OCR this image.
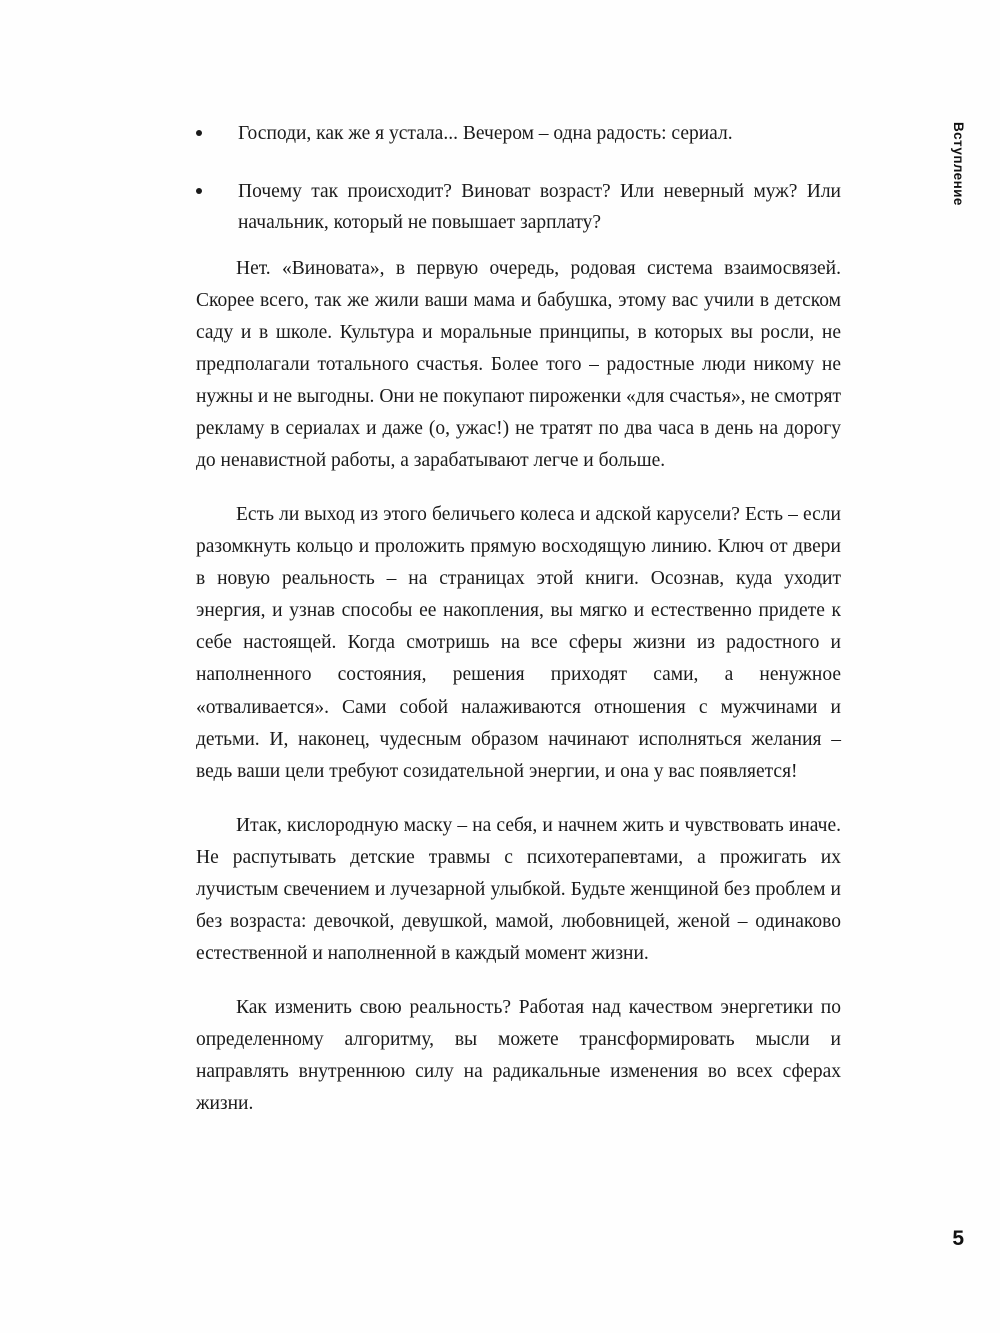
Вступление
Господи, как же я устала... Вечером – одна радость: сериал.
Почему так происходит? Виноват возраст? Или неверный муж? Или начальник, который не повышает зарплату?

Нет. «Виновата», в первую очередь, родовая система взаимосвязей. Скорее всего, так же жили ваши мама и бабушка, этому вас учили в детском саду и в школе. Культура и моральные принципы, в которых вы росли, не предполагали тотального счастья. Более того – радостные люди никому не нужны и не выгодны. Они не покупают пироженки «для счастья», не смотрят рекламу в сериалах и даже (о, ужас!) не тратят по два часа в день на дорогу до ненавистной работы, а зарабатывают легче и больше.

Есть ли выход из этого беличьего колеса и адской карусели? Есть – если разомкнуть кольцо и проложить прямую восходящую линию. Ключ от двери в новую реальность – на страницах этой книги. Осознав, куда уходит энергия, и узнав способы ее накопления, вы мягко и естественно придете к себе настоящей. Когда смотришь на все сферы жизни из радостного и наполненного состояния, решения приходят сами, а ненужное «отваливается». Сами собой налаживаются отношения с мужчинами и детьми. И, наконец, чудесным образом начинают исполняться желания – ведь ваши цели требуют созидательной энергии, и она у вас появляется!

Итак, кислородную маску – на себя, и начнем жить и чувствовать иначе. Не распутывать детские травмы с психотерапевтами, а прожигать их лучистым свечением и лучезарной улыбкой. Будьте женщиной без проблем и без возраста: девочкой, девушкой, мамой, любовницей, женой – одинаково естественной и наполненной в каждый момент жизни.

Как изменить свою реальность? Работая над качеством энергетики по определенному алгоритму, вы можете трансформировать мысли и направлять внутреннюю силу на радикальные изменения во всех сферах жизни.

5
